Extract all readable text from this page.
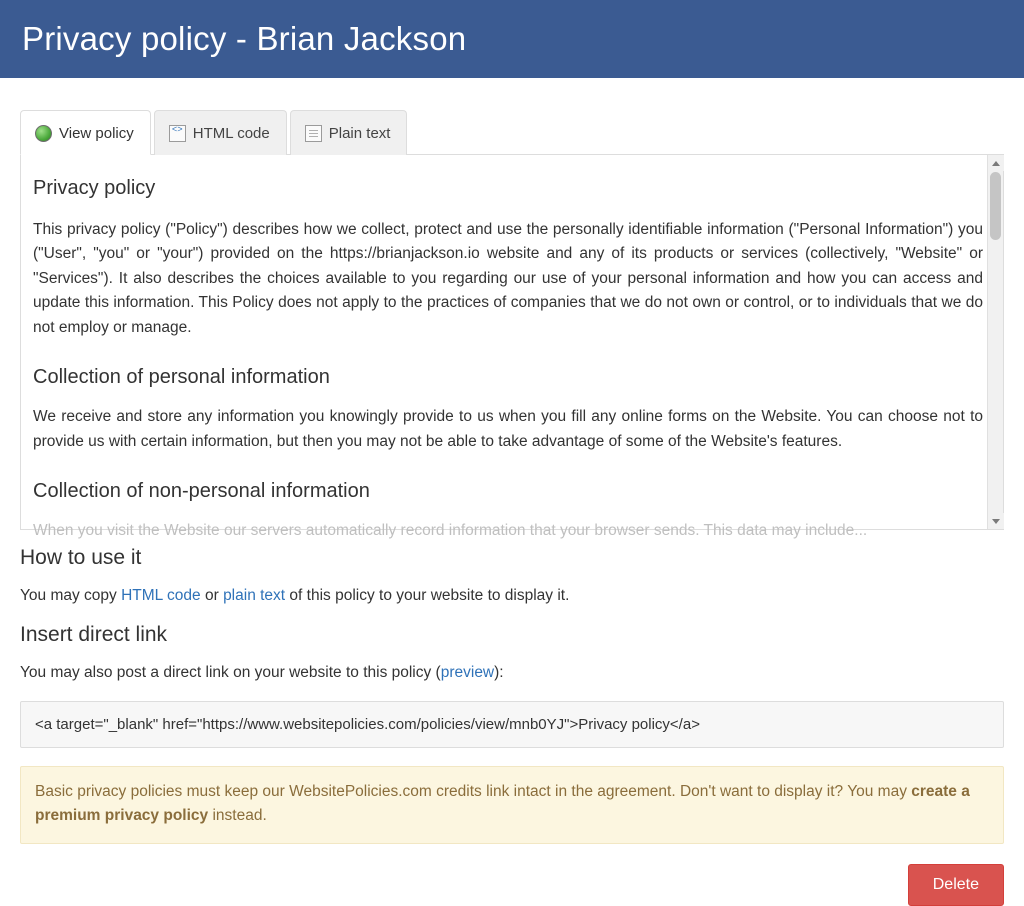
Privacy policy - Brian Jackson
View policy <>	HTML code	Plain text
Privacy policy

This privacy policy ("Policy") describes how we collect, protect and use the personally identifiable information ("Personal Information") you ("User", "you" or "your") provided on the https://brianjackson.io website and any of its products or services (collectively, "Website" or "Services"). It also describes the choices available to you regarding our use of your personal information and how you can access and update this information. This Policy does not apply to the practices of companies that we do not own or control, or to individuals that we do not employ or manage.

Collection of personal information

We receive and store any information you knowingly provide to us when you fill any online forms on the Website. You can choose not to provide us with certain information, but then you may not be able to take advantage of some of the Website's features.

Collection of non-personal information

When you visit the Website our servers automatically record information that your browser sends. This data may include...

How to use it

You may copy HTML code or plain text of this policy to your website to display it.

Insert direct link

You may also post a direct link on your website to this policy (preview):

<a target="_blank" href="https://www.websitepolicies.com/policies/view/mnb0YJ">Privacy policy</a>
Basic privacy policies must keep our WebsitePolicies.com credits link intact in the agreement. Don't want to display it? You may create a premium privacy policy instead.
Delete
